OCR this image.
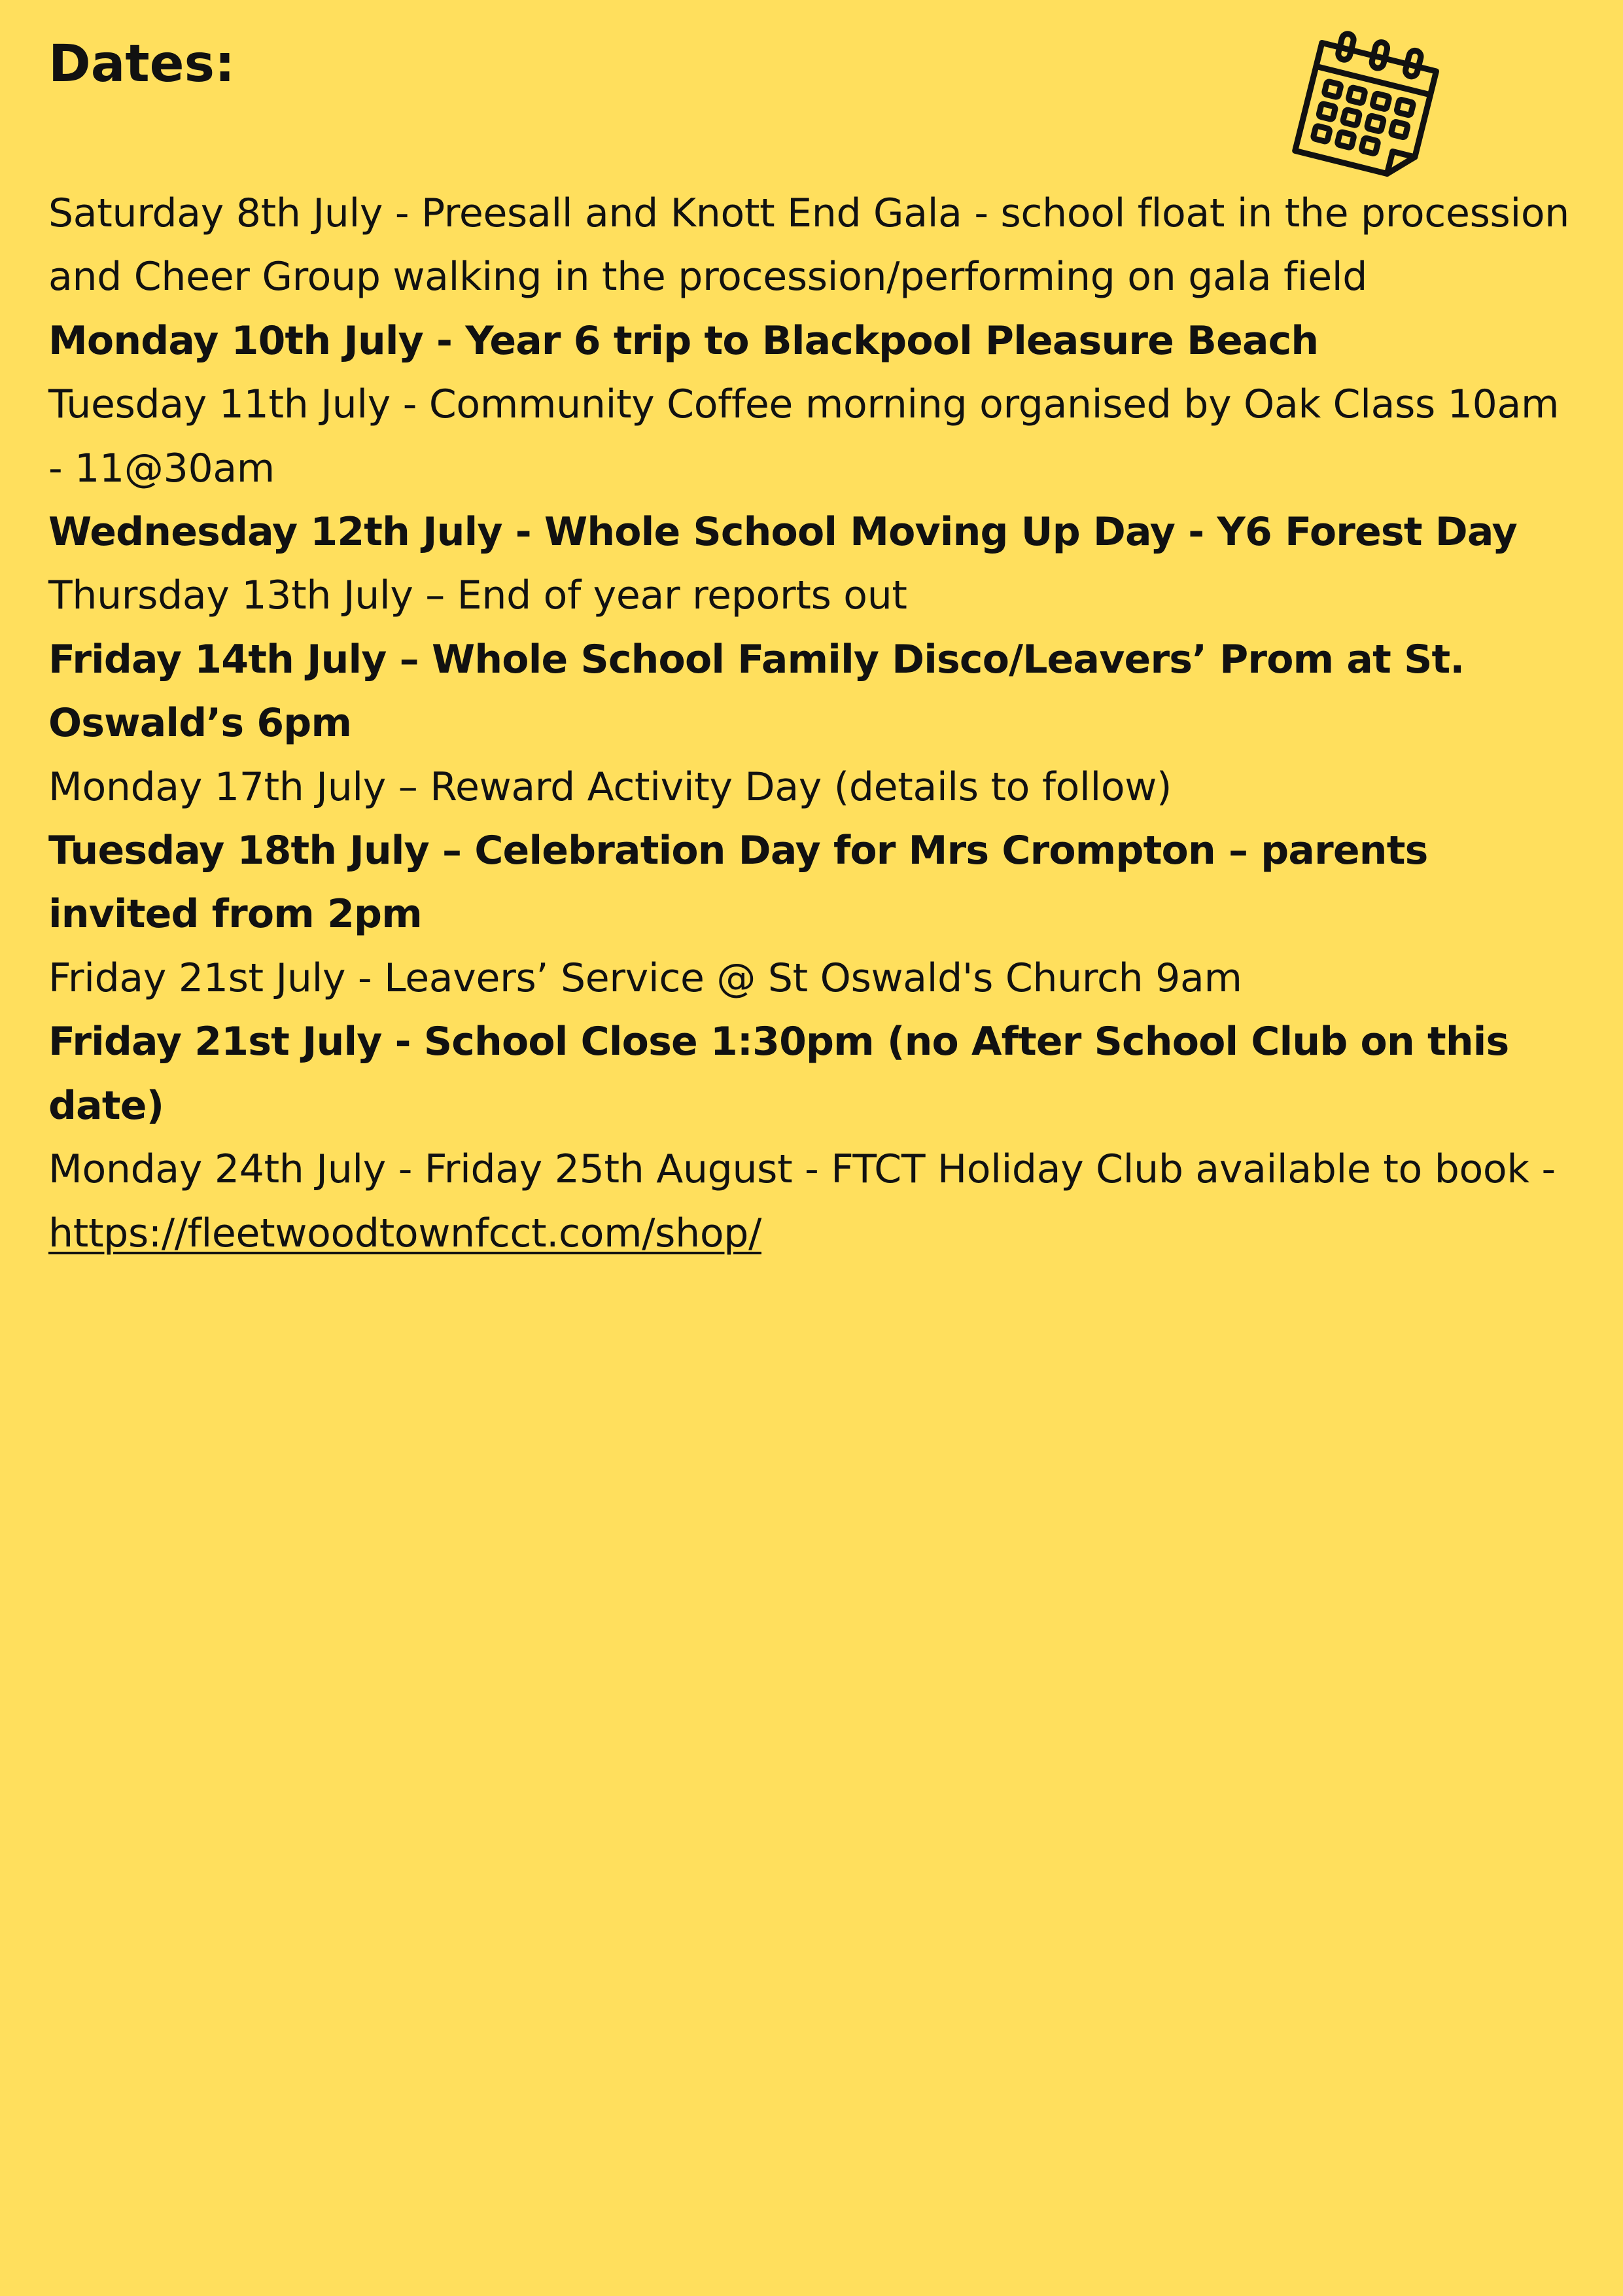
Dates:
Saturday 8th July - Preesall and Knott End Gala - school float in the procession and Cheer Group walking in the procession/performing on gala field
Monday 10th July - Year 6 trip to Blackpool Pleasure Beach
Tuesday 11th July - Community Coffee morning organised by Oak Class 10am - 11@30am
Wednesday 12th July - Whole School Moving Up Day - Y6 Forest Day
Thursday 13th July – End of year reports out
Friday 14th July – Whole School Family Disco/Leavers’ Prom at St. Oswald’s 6pm
Monday 17th July – Reward Activity Day (details to follow)
Tuesday 18th July – Celebration Day for Mrs Crompton – parents invited from 2pm
Friday 21st July - Leavers’ Service @ St Oswald's Church 9am
Friday 21st July - School Close 1:30pm (no After School Club on this date)
Monday 24th July - Friday 25th August - FTCT Holiday Club available to book - https://fleetwoodtownfcct.com/shop/
